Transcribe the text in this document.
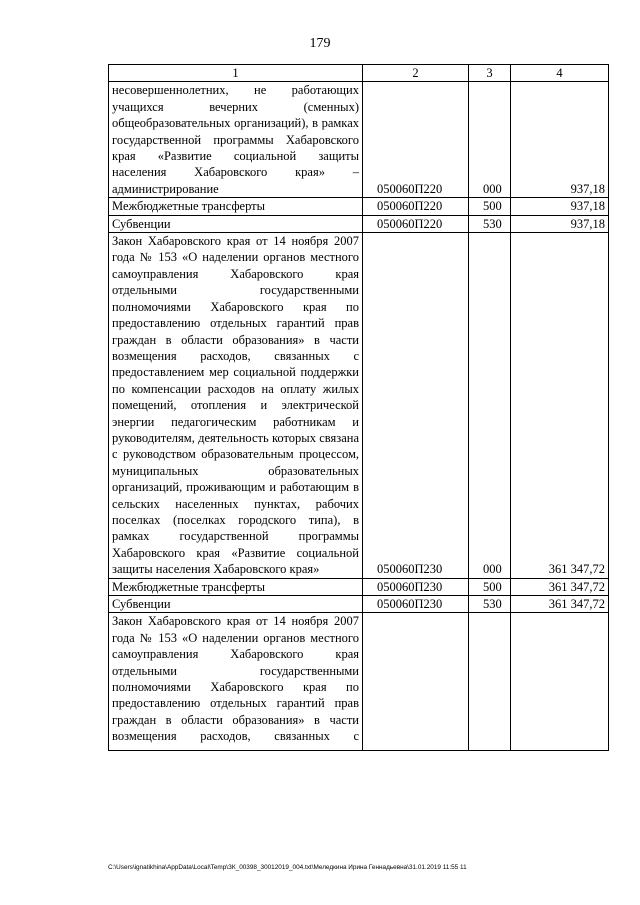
179
1	2	3	4
несовершеннолетних, не работающих учащихся вечерних (сменных) общеобразовательных организаций), в рамках государственной программы Хабаровского края «Развитие социальной защиты населения Хабаровского края» – администрирование	050060П220	000	937,18
Межбюджетные трансферты	050060П220	500	937,18
Субвенции	050060П220	530	937,18
Закон Хабаровского края от 14 ноября 2007 года № 153 «О наделении органов местного самоуправления Хабаровского края отдельными государственными полномочиями Хабаровского края по предоставлению отдельных гарантий прав граждан в области образования» в части возмещения расходов, связанных с предоставлением мер социальной поддержки по компенсации расходов на оплату жилых помещений, отопления и электрической энергии педагогическим работникам и руководителям, деятельность которых связана с руководством образовательным процессом, муниципальных образовательных организаций, проживающим и работающим в сельских населенных пунктах, рабочих поселках (поселках городского типа), в рамках государственной программы Хабаровского края «Развитие социальной защиты населения Хабаровского края»	050060П230	000	361 347,72
Межбюджетные трансферты	050060П230	500	361 347,72
Субвенции	050060П230	530	361 347,72

Закон Хабаровского края от 14 ноября 2007 года № 153 «О наделении органов местного самоуправления Хабаровского края отдельными государственными полномочиями Хабаровского края по предоставлению отдельных гарантий прав граждан в области образования» в части возмещения расходов, связанных с			

C:\Users\ignatikhina\AppData\Local\Temp\ЗК_00398_30012019_004.txt\Меледкина Ирина Геннадьевна\31.01.2019 11:55 11
